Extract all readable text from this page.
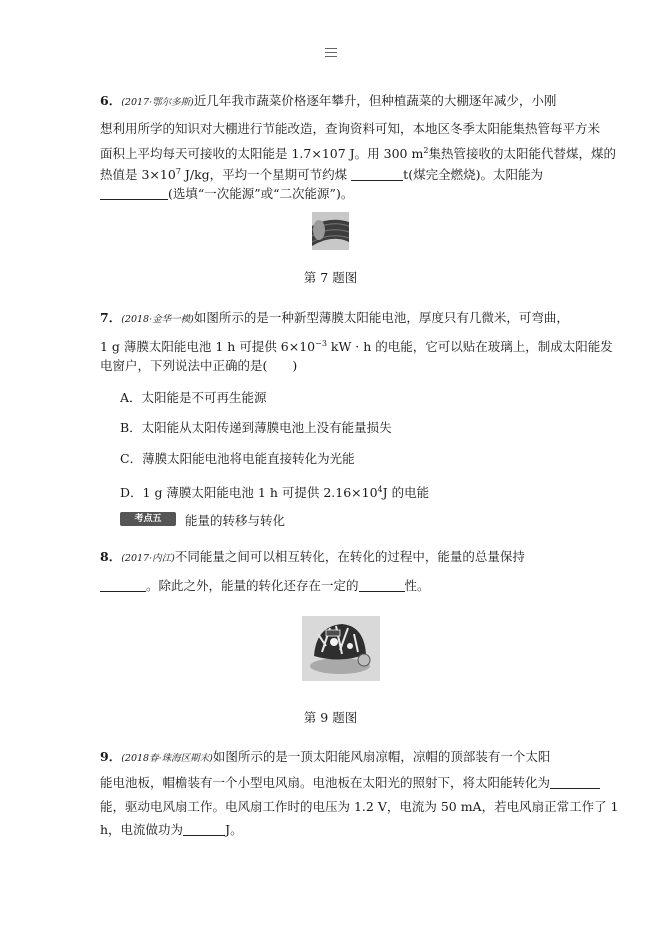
6．(2017·鄂尔多斯)近几年我市蔬菜价格逐年攀升，但种植蔬菜的大棚逐年减少，小刚
想利用所学的知识对大棚进行节能改造，查询资料可知，本地区冬季太阳能集热管每平方米
面积上平均每天可接收的太阳能是 1.7×107 J。用 300 $m^2$集热管接收的太阳能代替煤，煤的
热值是 $3\times 10^7$ J/kg，平均一个星期可节约煤	t(煤完全燃烧)。太阳能为
(选填“一次能源”或“二次能源”)。
第 7 题图
7．(2018·金华一模)如图所示的是一种新型薄膜太阳能电池，厚度只有几微米，可弯曲，
1 g 薄膜太阳能电池 1 h 可提供 $6\times 10^{-3}$ kW · h 的电能，它可以贴在玻璃上，制成太阳能发
电窗户，下列说法中正确的是(　　)
A．太阳能是不可再生能源
B．太阳能从太阳传递到薄膜电池上没有能量损失
C．薄膜太阳能电池将电能直接转化为光能
D．1 g 薄膜太阳能电池 1 h 可提供 $2.16\times 10^4J$ 的电能
考点五	能量的转移与转化
8．(2017·内江)不同能量之间可以相互转化，在转化的过程中，能量的总量保持
。除此之外，能量的转化还存在一定的	性。
第 9 题图
9．(2018春·珠海区期末)如图所示的是一顶太阳能风扇凉帽，凉帽的顶部装有一个太阳
能电池板，帽檐装有一个小型电风扇。电池板在太阳光的照射下，将太阳能转化为
能，驱动电风扇工作。电风扇工作时的电压为 1.2 V，电流为 50 mA，若电风扇正常工作了 1
h，电流做功为	J。
